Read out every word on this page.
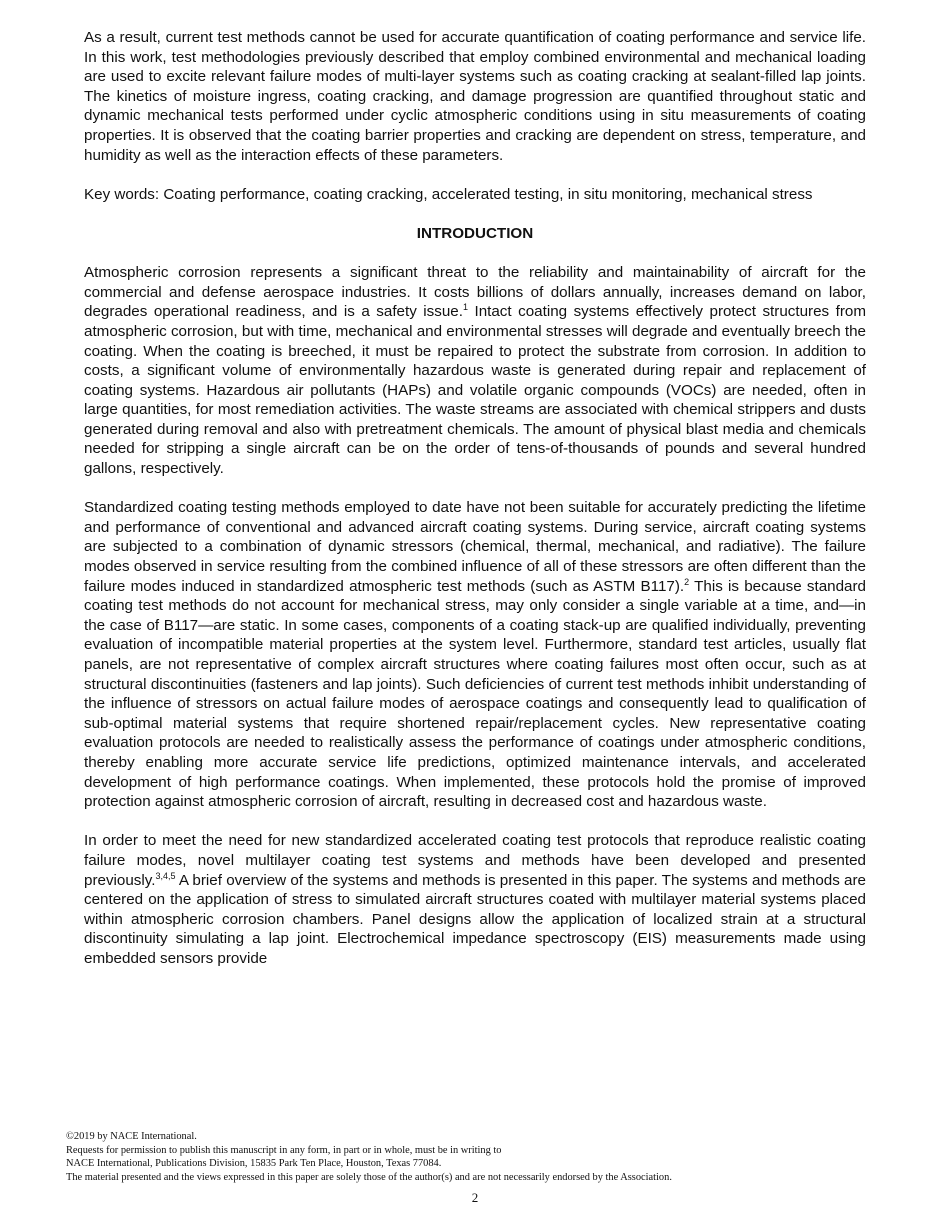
As a result, current test methods cannot be used for accurate quantification of coating performance and service life. In this work, test methodologies previously described that employ combined environmental and mechanical loading are used to excite relevant failure modes of multi-layer systems such as coating cracking at sealant-filled lap joints. The kinetics of moisture ingress, coating cracking, and damage progression are quantified throughout static and dynamic mechanical tests performed under cyclic atmospheric conditions using in situ measurements of coating properties. It is observed that the coating barrier properties and cracking are dependent on stress, temperature, and humidity as well as the interaction effects of these parameters.

Key words: Coating performance, coating cracking, accelerated testing, in situ monitoring, mechanical stress

INTRODUCTION

Atmospheric corrosion represents a significant threat to the reliability and maintainability of aircraft for the commercial and defense aerospace industries. It costs billions of dollars annually, increases demand on labor, degrades operational readiness, and is a safety issue.$^1$ Intact coating systems effectively protect structures from atmospheric corrosion, but with time, mechanical and environmental stresses will degrade and eventually breech the coating. When the coating is breeched, it must be repaired to protect the substrate from corrosion. In addition to costs, a significant volume of environmentally hazardous waste is generated during repair and replacement of coating systems. Hazardous air pollutants (HAPs) and volatile organic compounds (VOCs) are needed, often in large quantities, for most remediation activities. The waste streams are associated with chemical strippers and dusts generated during removal and also with pretreatment chemicals. The amount of physical blast media and chemicals needed for stripping a single aircraft can be on the order of tens-of-thousands of pounds and several hundred gallons, respectively.

Standardized coating testing methods employed to date have not been suitable for accurately predicting the lifetime and performance of conventional and advanced aircraft coating systems. During service, aircraft coating systems are subjected to a combination of dynamic stressors (chemical, thermal, mechanical, and radiative). The failure modes observed in service resulting from the combined influence of all of these stressors are often different than the failure modes induced in standardized atmospheric test methods (such as ASTM B117).$^2$ This is because standard coating test methods do not account for mechanical stress, may only consider a single variable at a time, and—in the case of B117—are static. In some cases, components of a coating stack-up are qualified individually, preventing evaluation of incompatible material properties at the system level. Furthermore, standard test articles, usually flat panels, are not representative of complex aircraft structures where coating failures most often occur, such as at structural discontinuities (fasteners and lap joints). Such deficiencies of current test methods inhibit understanding of the influence of stressors on actual failure modes of aerospace coatings and consequently lead to qualification of sub-optimal material systems that require shortened repair/replacement cycles. New representative coating evaluation protocols are needed to realistically assess the performance of coatings under atmospheric conditions, thereby enabling more accurate service life predictions, optimized maintenance intervals, and accelerated development of high performance coatings. When implemented, these protocols hold the promise of improved protection against atmospheric corrosion of aircraft, resulting in decreased cost and hazardous waste.

In order to meet the need for new standardized accelerated coating test protocols that reproduce realistic coating failure modes, novel multilayer coating test systems and methods have been developed and presented previously.$^{3,4,5}$ A brief overview of the systems and methods is presented in this paper. The systems and methods are centered on the application of stress to simulated aircraft structures coated with multilayer material systems placed within atmospheric corrosion chambers. Panel designs allow the application of localized strain at a structural discontinuity simulating a lap joint. Electrochemical impedance spectroscopy (EIS) measurements made using embedded sensors provide

©2019 by NACE International.
Requests for permission to publish this manuscript in any form, in part or in whole, must be in writing to
NACE International, Publications Division, 15835 Park Ten Place, Houston, Texas 77084.
The material presented and the views expressed in this paper are solely those of the author(s) and are not necessarily endorsed by the Association.
2
